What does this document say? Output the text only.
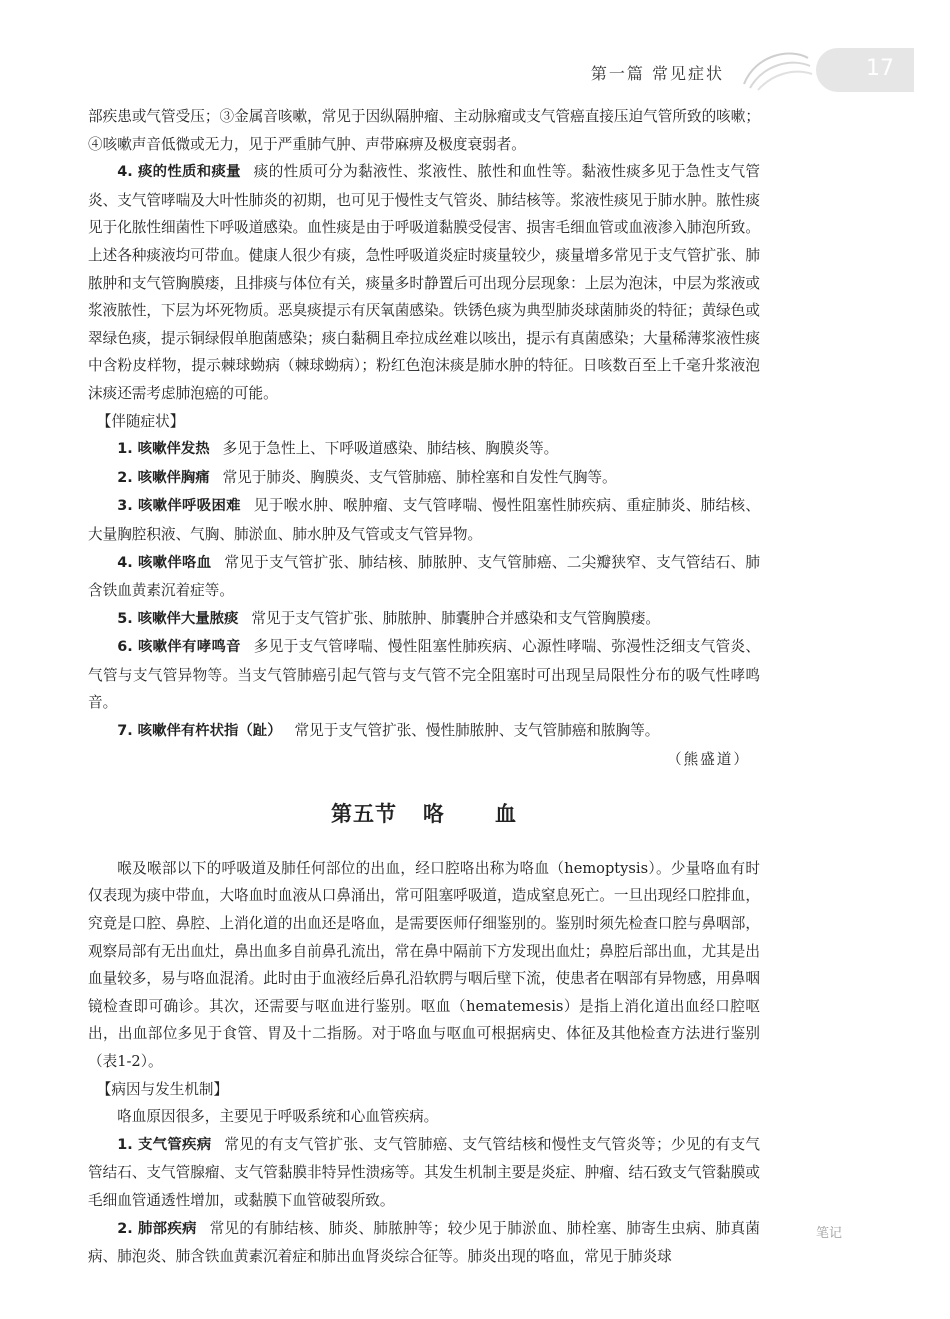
第一篇 常见症状	17

部疾患或气管受压；③金属音咳嗽，常见于因纵隔肿瘤、主动脉瘤或支气管癌直接压迫气管所致的咳嗽；④咳嗽声音低微或无力，见于严重肺气肿、声带麻痹及极度衰弱者。

4. 痰的性质和痰量 痰的性质可分为黏液性、浆液性、脓性和血性等。黏液性痰多见于急性支气管炎、支气管哮喘及大叶性肺炎的初期，也可见于慢性支气管炎、肺结核等。浆液性痰见于肺水肿。脓性痰见于化脓性细菌性下呼吸道感染。血性痰是由于呼吸道黏膜受侵害、损害毛细血管或血液渗入肺泡所致。上述各种痰液均可带血。健康人很少有痰，急性呼吸道炎症时痰量较少，痰量增多常见于支气管扩张、肺脓肿和支气管胸膜瘘，且排痰与体位有关，痰量多时静置后可出现分层现象：上层为泡沫，中层为浆液或浆液脓性，下层为坏死物质。恶臭痰提示有厌氧菌感染。铁锈色痰为典型肺炎球菌肺炎的特征；黄绿色或翠绿色痰，提示铜绿假单胞菌感染；痰白黏稠且牵拉成丝难以咳出，提示有真菌感染；大量稀薄浆液性痰中含粉皮样物，提示棘球蚴病（棘球蚴病）；粉红色泡沫痰是肺水肿的特征。日咳数百至上千毫升浆液泡沫痰还需考虑肺泡癌的可能。

【伴随症状】

1. 咳嗽伴发热 多见于急性上、下呼吸道感染、肺结核、胸膜炎等。

2. 咳嗽伴胸痛 常见于肺炎、胸膜炎、支气管肺癌、肺栓塞和自发性气胸等。

3. 咳嗽伴呼吸困难 见于喉水肿、喉肿瘤、支气管哮喘、慢性阻塞性肺疾病、重症肺炎、肺结核、大量胸腔积液、气胸、肺淤血、肺水肿及气管或支气管异物。

4. 咳嗽伴咯血 常见于支气管扩张、肺结核、肺脓肿、支气管肺癌、二尖瓣狭窄、支气管结石、肺含铁血黄素沉着症等。

5. 咳嗽伴大量脓痰 常见于支气管扩张、肺脓肿、肺囊肿合并感染和支气管胸膜瘘。

6. 咳嗽伴有哮鸣音 多见于支气管哮喘、慢性阻塞性肺疾病、心源性哮喘、弥漫性泛细支气管炎、气管与支气管异物等。当支气管肺癌引起气管与支气管不完全阻塞时可出现呈局限性分布的吸气性哮鸣音。

7. 咳嗽伴有杵状指（趾） 常见于支气管扩张、慢性肺脓肿、支气管肺癌和脓胸等。

（熊盛道）

第五节 咯 血

喉及喉部以下的呼吸道及肺任何部位的出血，经口腔咯出称为咯血（hemoptysis）。少量咯血有时仅表现为痰中带血，大咯血时血液从口鼻涌出，常可阻塞呼吸道，造成窒息死亡。一旦出现经口腔排血，究竟是口腔、鼻腔、上消化道的出血还是咯血，是需要医师仔细鉴别的。鉴别时须先检查口腔与鼻咽部，观察局部有无出血灶，鼻出血多自前鼻孔流出，常在鼻中隔前下方发现出血灶；鼻腔后部出血，尤其是出血量较多，易与咯血混淆。此时由于血液经后鼻孔沿软腭与咽后壁下流，使患者在咽部有异物感，用鼻咽镜检查即可确诊。其次，还需要与呕血进行鉴别。呕血（hematemesis）是指上消化道出血经口腔呕出，出血部位多见于食管、胃及十二指肠。对于咯血与呕血可根据病史、体征及其他检查方法进行鉴别（表1-2）。

【病因与发生机制】

咯血原因很多，主要见于呼吸系统和心血管疾病。

1. 支气管疾病 常见的有支气管扩张、支气管肺癌、支气管结核和慢性支气管炎等；少见的有支气管结石、支气管腺瘤、支气管黏膜非特异性溃疡等。其发生机制主要是炎症、肿瘤、结石致支气管黏膜或毛细血管通透性增加，或黏膜下血管破裂所致。

2. 肺部疾病 常见的有肺结核、肺炎、肺脓肿等；较少见于肺淤血、肺栓塞、肺寄生虫病、肺真菌病、肺泡炎、肺含铁血黄素沉着症和肺出血肾炎综合征等。肺炎出现的咯血，常见于肺炎球

笔记
